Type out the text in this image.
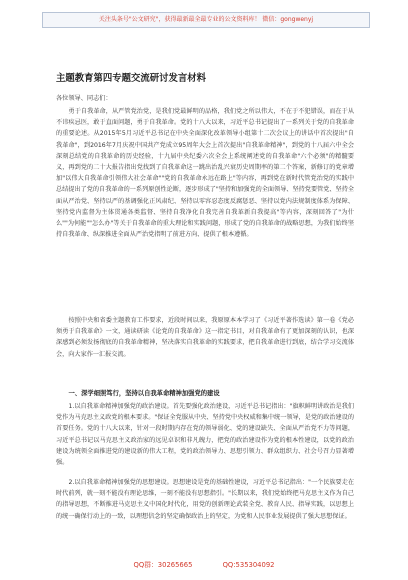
关注头条号"公文研究"，获得最新最全最专业的公文资料库！ 微信：gongwenyj
主题教育第四专题交流研讨发言材料
各位领导、同志们：

勇于自我革命，从严管党治党，是我们党最鲜明的品格，我们党之所以伟大，不在于不犯错误，而在于从不讳疾忌医，敢于直面问题，勇于自我革命。党的十八大以来，习近平总书记提出了一系列关于党的自我革命的重要论述。从2015年5月习近平总书记在中央全面深化改革领导小组第十二次会议上的讲话中首次提出"自我革命"，到2016年7月庆祝中国共产党成立95周年大会上首次提出"自我革命精神"，到党的十八届六中全会深刻总结党的自我革命的历史经验，十九届中央纪委六次全会上系统阐述党的自我革命"六个必须"的精髓要义，再到党的二十大报告指出党找到了自我革命这一跳出治乱兴衰历史周期率的第二个答案，新修订的党章增加"以伟大自我革命引领伟大社会革命""党的自我革命永远在路上"等内容，再到党在新时代管党治党的实践中总结提出了党的自我革命的一系列原创性论断，逐步形成了"坚持和加强党的全面领导、坚持党要管党、坚持全面从严治党、坚持以严的基调强化正风肃纪、坚持以零容忍态度反腐惩恶、坚持以党内法规制度体系为保障、坚持党内监督为主体贯通各类监督、坚持自我净化自我完善自我革新自我提高"等内容，深刻回答了"为什么""为何能""怎么办"等关于自我革命的重大理论和实践问题，形成了党的自我革命的战略思想，为我们始终坚持自我革命、纵深推进全面从严治党指明了前进方向、提供了根本遵循。

按照中央和省委主题教育工作要求，近段时间以来，我原原本本学习了《习近平著作选读》第一卷《党必须勇于自我革命》一文，通读研读《论党的自我革命》这一指定书目，对自我革命有了更加深刻的认识，也深深感到必须发扬彻底的自我革命精神，坚决落实自我革命的实践要求，把自我革命进行到底，结合学习交流体会，向大家作一汇报交流。

一、深学细照笃行，坚持以自我革命精神加强党的建设

1.以自我革命精神加强党的政治建设。首先要强化政治建设，习近平总书记指出："旗帜鲜明讲政治是我们党作为马克思主义政党的根本要求。"保证全党服从中央、坚持党中央权威和集中统一领导，是党的政治建设的首要任务。党的十八大以来，针对一段时期内存在党的领导弱化、党的建设缺失、全面从严治党不力等问题，习近平总书记以马克思主义政治家的远见卓识和非凡魄力，把党的政治建设作为党的根本性建设，以党的政治建设为统领全面推进党的建设新的伟大工程，党的政治领导力、思想引领力、群众组织力、社会号召力显著增强。

2.以自我革命精神加强党的思想建设。思想建设是党的基础性建设，习近平总书记指出："一个民族要走在时代前列，就一刻不能没有理论思维，一刻不能没有思想指引。"长期以来，我们党始终把马克思主义作为自己的指导思想，不断推进马克思主义中国化时代化，用党的创新理论武装全党、教育人民、指导实践，以思想上的统一确保行动上的一致，以理想信念的坚定确保政治上的坚定，为党和人民事业发展提供了强大思想保证。

QQ群：30265665	QQ:535304092
